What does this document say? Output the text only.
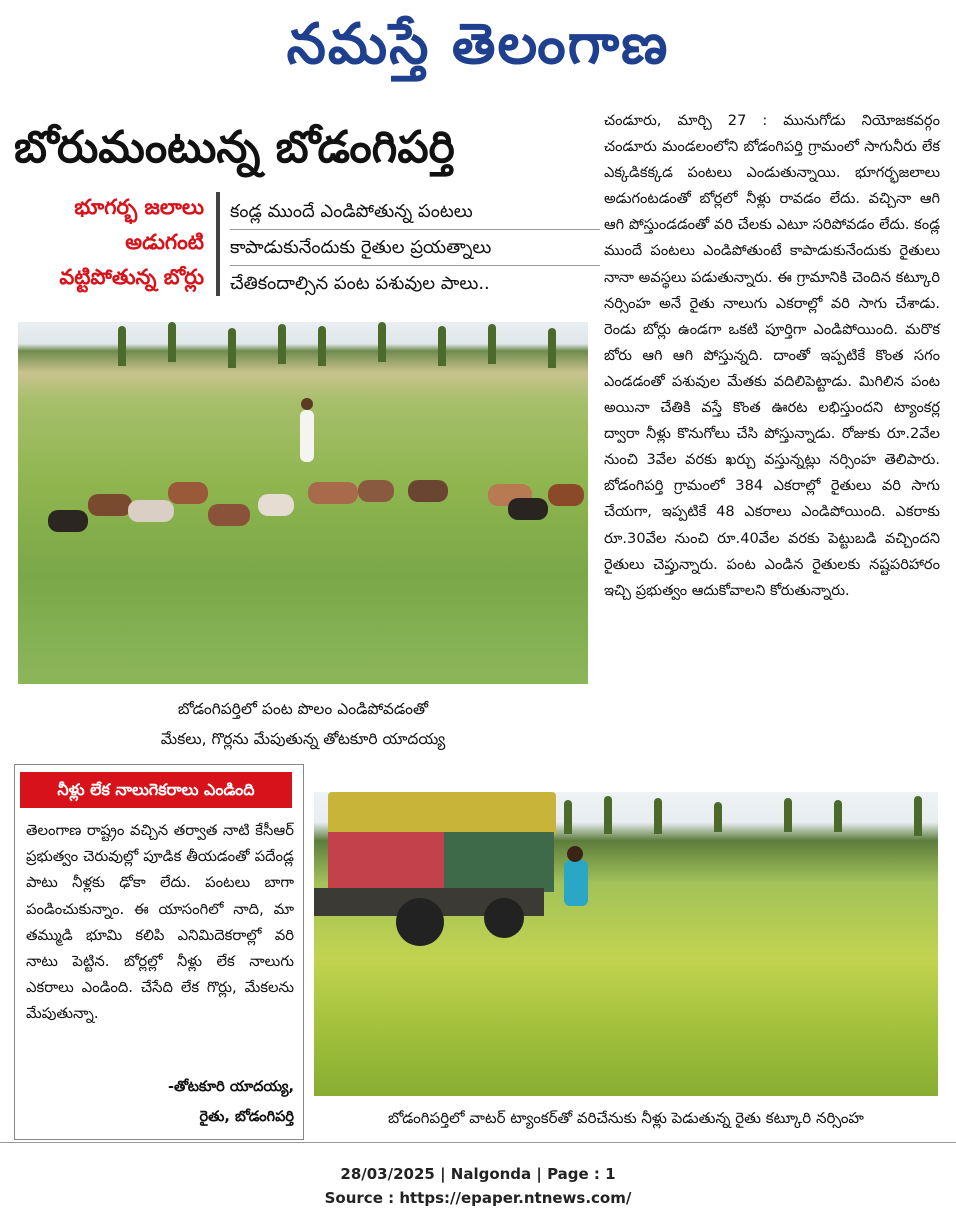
నమస్తే తెలంగాణ
బోరుమంటున్న బోడంగిపర్తి
భూగర్భ జలాలు
అడుగంటి
వట్టిపోతున్న బోర్లు
కండ్ల ముందే ఎండిపోతున్న పంటలు
కాపాడుకునేందుకు రైతుల ప్రయత్నాలు
చేతికందాల్సిన పంట పశువుల పాలు..
బోడంగిపర్తిలో పంట పొలం ఎండిపోవడంతో
మేకలు, గొర్లను మేపుతున్న తోటకూరి యాదయ్య
చండూరు, మార్చి 27 : మునుగోడు నియోజకవర్గం చండూరు మండలంలోని బోడంగిపర్తి గ్రామంలో సాగునీరు లేక ఎక్కడికక్కడ పంటలు ఎండుతున్నాయి. భూగర్భజలాలు అడుగంటడంతో బోర్లలో నీళ్లు రావడం లేదు. వచ్చినా ఆగి ఆగి పోస్తుండడంతో వరి చేలకు ఎటూ సరిపోవడం లేదు. కండ్ల ముందే పంటలు ఎండిపోతుంటే కాపాడుకునేందుకు రైతులు నానా అవస్థలు పడుతున్నారు. ఈ గ్రామానికి చెందిన కట్కూరి నర్సింహ అనే రైతు నాలుగు ఎకరాల్లో వరి సాగు చేశాడు. రెండు బోర్లు ఉండగా ఒకటి పూర్తిగా ఎండిపోయింది. మరొక బోరు ఆగి ఆగి పోస్తున్నది. దాంతో ఇప్పటికే కొంత సగం ఎండడంతో పశువుల మేతకు వదిలిపెట్టాడు. మిగిలిన పంట అయినా చేతికి వస్తే కొంత ఊరట లభిస్తుందని ట్యాంకర్ల ద్వారా నీళ్లు కొనుగోలు చేసి పోస్తున్నాడు. రోజుకు రూ.2వేల నుంచి 3వేల వరకు ఖర్చు వస్తున్నట్లు నర్సింహ తెలిపారు. బోడంగిపర్తి గ్రామంలో 384 ఎకరాల్లో రైతులు వరి సాగు చేయగా, ఇప్పటికే 48 ఎకరాలు ఎండిపోయింది. ఎకరాకు రూ.30వేల నుంచి రూ.40వేల వరకు పెట్టుబడి వచ్చిందని రైతులు చెప్తున్నారు. పంట ఎండిన రైతులకు నష్టపరిహారం ఇచ్చి ప్రభుత్వం ఆదుకోవాలని కోరుతున్నారు.
నీళ్లు లేక నాలుగెకరాలు ఎండింది
తెలంగాణ రాష్ట్రం వచ్చిన తర్వాత నాటి కేసీఆర్ ప్రభుత్వం చెరువుల్లో పూడిక తీయడంతో పదేండ్ల పాటు నీళ్లకు ఢోకా లేదు. పంటలు బాగా పండించుకున్నాం. ఈ యాసంగిలో నాది, మా తమ్ముడి భూమి కలిపి ఎనిమిదెకరాల్లో వరి నాటు పెట్టిన. బోర్లల్లో నీళ్లు లేక నాలుగు ఎకరాలు ఎండింది. చేసేది లేక గొర్లు, మేకలను మేపుతున్నా.
-తోటకూరి యాదయ్య,
రైతు, బోడంగిపర్తి	బోడంగిపర్తిలో వాటర్ ట్యాంకర్‌తో వరిచేనుకు నీళ్లు పెడుతున్న రైతు కట్కూరి నర్సింహ
28/03/2025 | Nalgonda | Page : 1
Source : https://epaper.ntnews.com/
